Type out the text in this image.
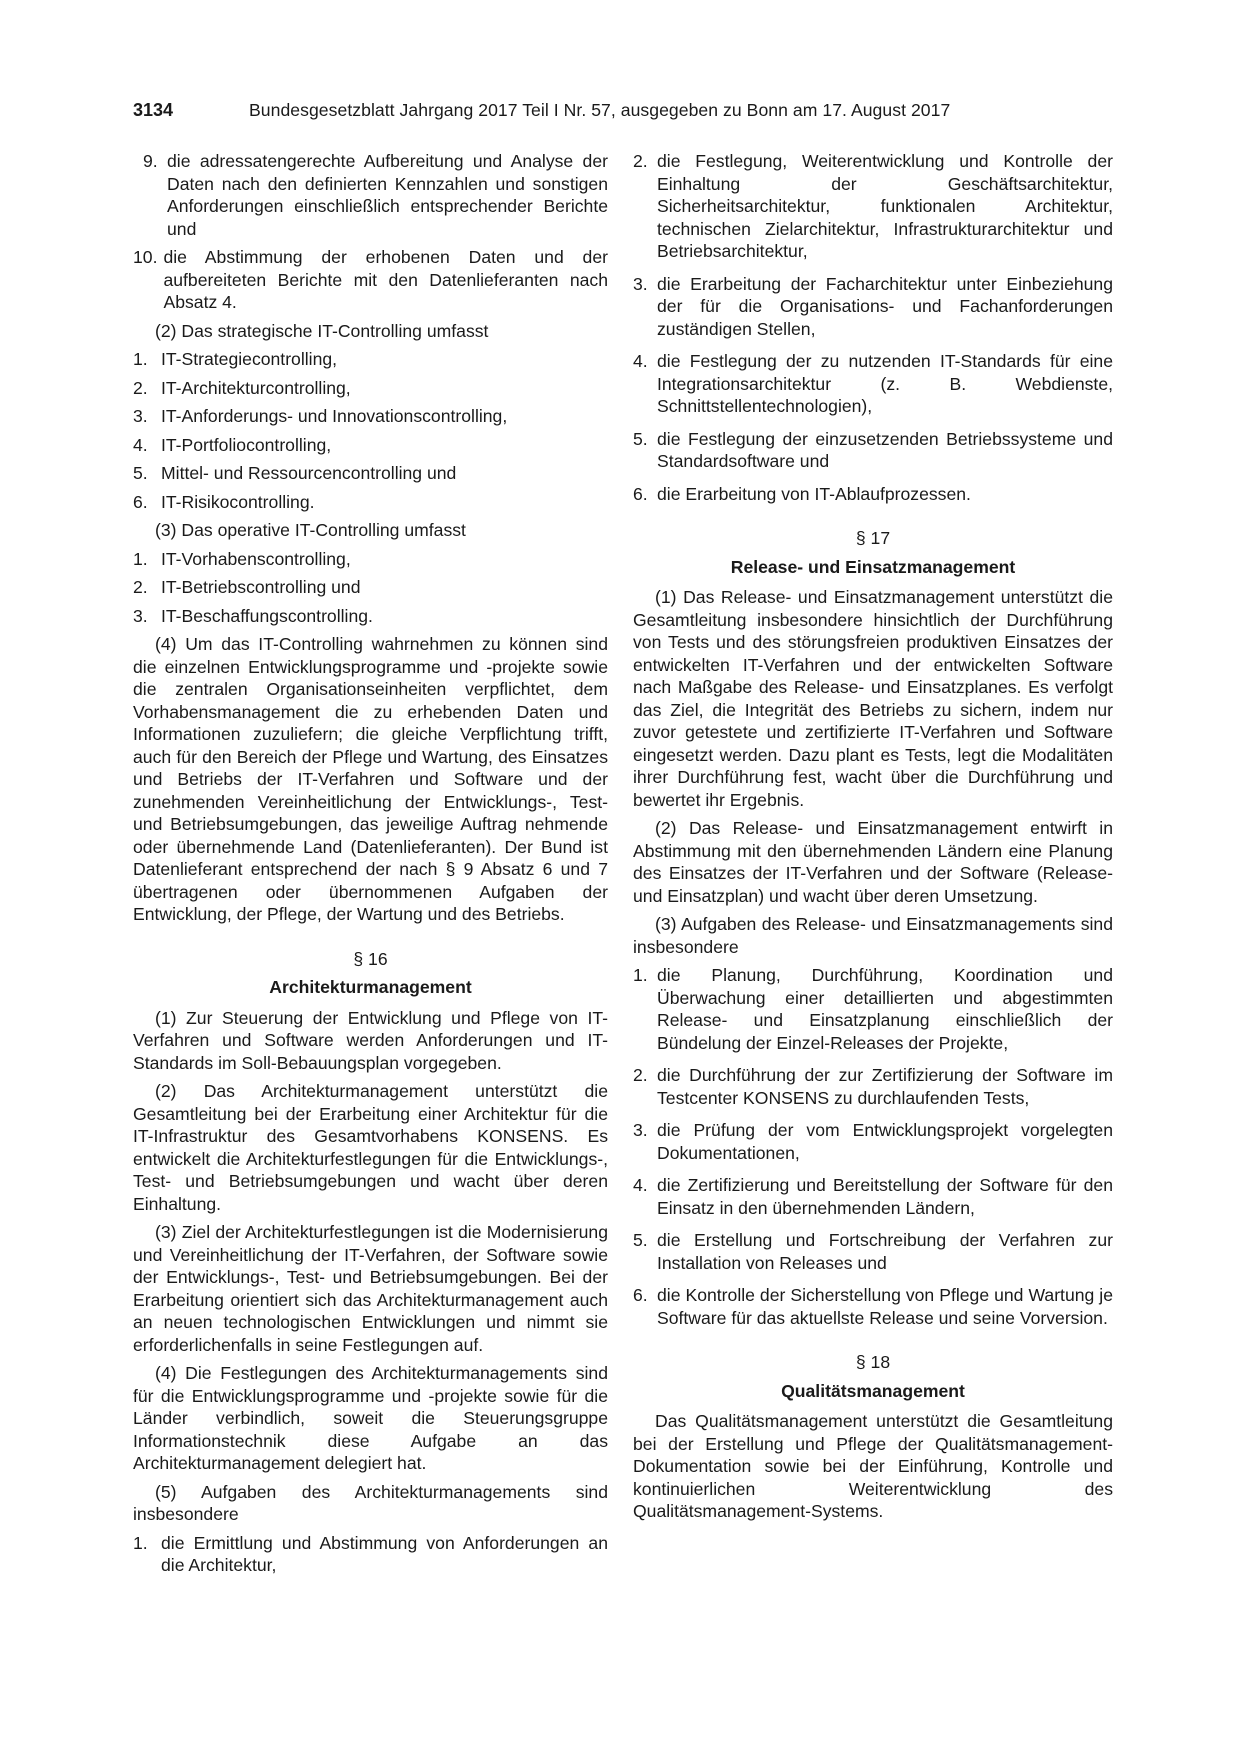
3134	Bundesgesetzblatt Jahrgang 2017 Teil I Nr. 57, ausgegeben zu Bonn am 17. August 2017
9. die adressatengerechte Aufbereitung und Analyse der Daten nach den definierten Kennzahlen und sonstigen Anforderungen einschließlich entsprechender Berichte und
10. die Abstimmung der erhobenen Daten und der aufbereiteten Berichte mit den Datenlieferanten nach Absatz 4.

(2) Das strategische IT-Controlling umfasst

1. IT-Strategiecontrolling,
2. IT-Architekturcontrolling,
3. IT-Anforderungs- und Innovationscontrolling,
4. IT-Portfoliocontrolling,
5. Mittel- und Ressourcencontrolling und
6. IT-Risikocontrolling.

(3) Das operative IT-Controlling umfasst

1. IT-Vorhabenscontrolling,
2. IT-Betriebscontrolling und
3. IT-Beschaffungscontrolling.

(4) Um das IT-Controlling wahrnehmen zu können sind die einzelnen Entwicklungsprogramme und -projekte sowie die zentralen Organisationseinheiten verpflichtet, dem Vorhabensmanagement die zu erhebenden Daten und Informationen zuzuliefern; die gleiche Verpflichtung trifft, auch für den Bereich der Pflege und Wartung, des Einsatzes und Betriebs der IT-Verfahren und Software und der zunehmenden Vereinheitlichung der Entwicklungs-, Test- und Betriebsumgebungen, das jeweilige Auftrag nehmende oder übernehmende Land (Datenlieferanten). Der Bund ist Datenlieferant entsprechend der nach § 9 Absatz 6 und 7 übertragenen oder übernommenen Aufgaben der Entwicklung, der Pflege, der Wartung und des Betriebs.

§ 16

Architekturmanagement

(1) Zur Steuerung der Entwicklung und Pflege von IT-Verfahren und Software werden Anforderungen und IT-Standards im Soll-Bebauungsplan vorgegeben.

(2) Das Architekturmanagement unterstützt die Gesamtleitung bei der Erarbeitung einer Architektur für die IT-Infrastruktur des Gesamtvorhabens KONSENS. Es entwickelt die Architekturfestlegungen für die Entwicklungs-, Test- und Betriebsumgebungen und wacht über deren Einhaltung.

(3) Ziel der Architekturfestlegungen ist die Modernisierung und Vereinheitlichung der IT-Verfahren, der Software sowie der Entwicklungs-, Test- und Betriebsumgebungen. Bei der Erarbeitung orientiert sich das Architekturmanagement auch an neuen technologischen Entwicklungen und nimmt sie erforderlichenfalls in seine Festlegungen auf.

(4) Die Festlegungen des Architekturmanagements sind für die Entwicklungsprogramme und -projekte sowie für die Länder verbindlich, soweit die Steuerungsgruppe Informationstechnik diese Aufgabe an das Architekturmanagement delegiert hat.

(5) Aufgaben des Architekturmanagements sind insbesondere

1. die Ermittlung und Abstimmung von Anforderungen an die Architektur,
2. die Festlegung, Weiterentwicklung und Kontrolle der Einhaltung der Geschäftsarchitektur, Sicherheitsarchitektur, funktionalen Architektur, technischen Zielarchitektur, Infrastrukturarchitektur und Betriebsarchitektur,
3. die Erarbeitung der Facharchitektur unter Einbeziehung der für die Organisations- und Fachanforderungen zuständigen Stellen,
4. die Festlegung der zu nutzenden IT-Standards für eine Integrationsarchitektur (z. B. Webdienste, Schnittstellentechnologien),
5. die Festlegung der einzusetzenden Betriebssysteme und Standardsoftware und
6. die Erarbeitung von IT-Ablaufprozessen.

§ 17

Release- und Einsatzmanagement

(1) Das Release- und Einsatzmanagement unterstützt die Gesamtleitung insbesondere hinsichtlich der Durchführung von Tests und des störungsfreien produktiven Einsatzes der entwickelten IT-Verfahren und der entwickelten Software nach Maßgabe des Release- und Einsatzplanes. Es verfolgt das Ziel, die Integrität des Betriebs zu sichern, indem nur zuvor getestete und zertifizierte IT-Verfahren und Software eingesetzt werden. Dazu plant es Tests, legt die Modalitäten ihrer Durchführung fest, wacht über die Durchführung und bewertet ihr Ergebnis.

(2) Das Release- und Einsatzmanagement entwirft in Abstimmung mit den übernehmenden Ländern eine Planung des Einsatzes der IT-Verfahren und der Software (Release- und Einsatzplan) und wacht über deren Umsetzung.

(3) Aufgaben des Release- und Einsatzmanagements sind insbesondere

1. die Planung, Durchführung, Koordination und Überwachung einer detaillierten und abgestimmten Release- und Einsatzplanung einschließlich der Bündelung der Einzel-Releases der Projekte,
2. die Durchführung der zur Zertifizierung der Software im Testcenter KONSENS zu durchlaufenden Tests,
3. die Prüfung der vom Entwicklungsprojekt vorgelegten Dokumentationen,
4. die Zertifizierung und Bereitstellung der Software für den Einsatz in den übernehmenden Ländern,
5. die Erstellung und Fortschreibung der Verfahren zur Installation von Releases und
6. die Kontrolle der Sicherstellung von Pflege und Wartung je Software für das aktuellste Release und seine Vorversion.

§ 18

Qualitätsmanagement

Das Qualitätsmanagement unterstützt die Gesamtleitung bei der Erstellung und Pflege der Qualitätsmanagement-Dokumentation sowie bei der Einführung, Kontrolle und kontinuierlichen Weiterentwicklung des Qualitätsmanagement-Systems.
